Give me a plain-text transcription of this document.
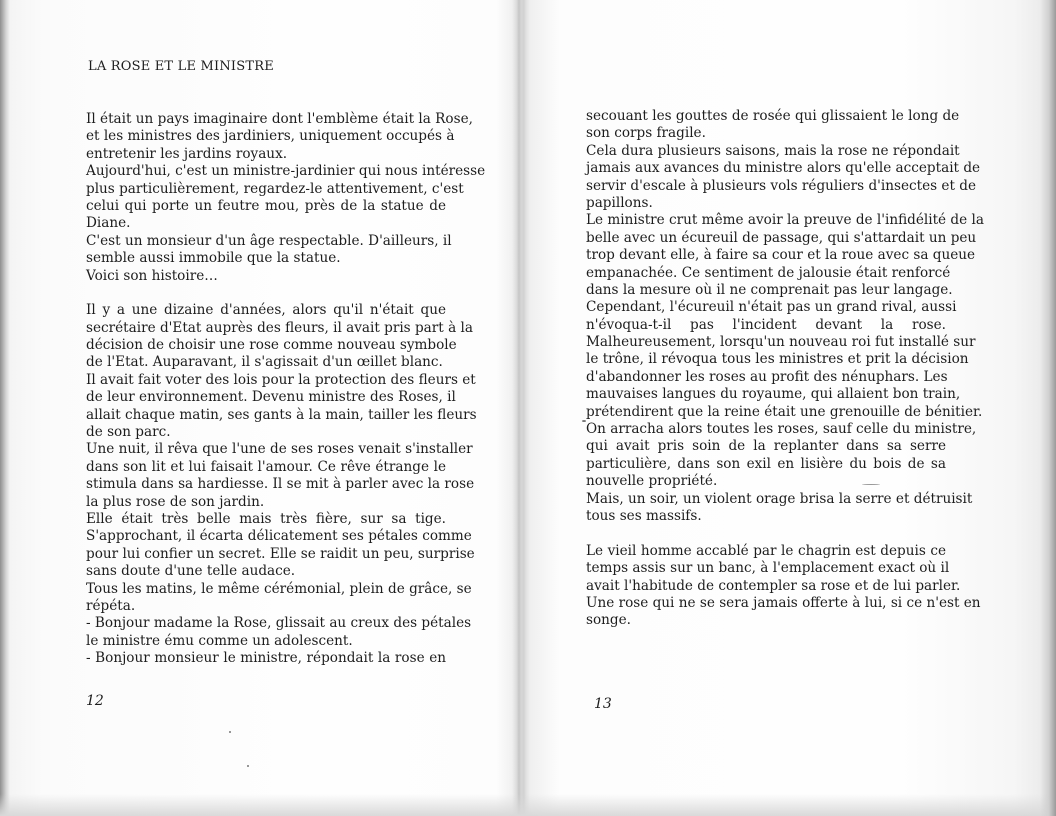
LA ROSE ET LE MINISTRE
Il était un pays imaginaire dont l'emblème était la Rose,
et les ministres des jardiniers, uniquement occupés à
entretenir les jardins royaux.
Aujourd'hui, c'est un ministre-jardinier qui nous intéresse
plus particulièrement, regardez-le attentivement, c'est
celui qui porte un feutre mou, près de la statue de
Diane.
C'est un monsieur d'un âge respectable. D'ailleurs, il
semble aussi immobile que la statue.
Voici son histoire…
Il y a une dizaine d'années, alors qu'il n'était que
secrétaire d'Etat auprès des fleurs, il avait pris part à la
décision de choisir une rose comme nouveau symbole
de l'Etat. Auparavant, il s'agissait d'un œillet blanc.
Il avait fait voter des lois pour la protection des fleurs et
de leur environnement. Devenu ministre des Roses, il
allait chaque matin, ses gants à la main, tailler les fleurs
de son parc.
Une nuit, il rêva que l'une de ses roses venait s'installer
dans son lit et lui faisait l'amour. Ce rêve étrange le
stimula dans sa hardiesse. Il se mit à parler avec la rose
la plus rose de son jardin.
Elle était très belle mais très fière, sur sa tige.
S'approchant, il écarta délicatement ses pétales comme
pour lui confier un secret. Elle se raidit un peu, surprise
sans doute d'une telle audace.
Tous les matins, le même cérémonial, plein de grâce, se
répéta.
- Bonjour madame la Rose, glissait au creux des pétales
le ministre ému comme un adolescent.
- Bonjour monsieur le ministre, répondait la rose en

12

secouant les gouttes de rosée qui glissaient le long de
son corps fragile.
Cela dura plusieurs saisons, mais la rose ne répondait
jamais aux avances du ministre alors qu'elle acceptait de
servir d'escale à plusieurs vols réguliers d'insectes et de
papillons.
Le ministre crut même avoir la preuve de l'infidélité de la
belle avec un écureuil de passage, qui s'attardait un peu
trop devant elle, à faire sa cour et la roue avec sa queue
empanachée. Ce sentiment de jalousie était renforcé
dans la mesure où il ne comprenait pas leur langage.
Cependant, l'écureuil n'était pas un grand rival, aussi
n'évoqua-t-il pas l'incident devant la rose.
Malheureusement, lorsqu'un nouveau roi fut installé sur
le trône, il révoqua tous les ministres et prit la décision
d'abandonner les roses au profit des nénuphars. Les
mauvaises langues du royaume, qui allaient bon train,
prétendirent que la reine était une grenouille de bénitier.
On arracha alors toutes les roses, sauf celle du ministre,
qui avait pris soin de la replanter dans sa serre
particulière, dans son exil en lisière du bois de sa
nouvelle propriété.
Mais, un soir, un violent orage brisa la serre et détruisit
tous ses massifs.
Le vieil homme accablé par le chagrin est depuis ce
temps assis sur un banc, à l'emplacement exact où il
avait l'habitude de contempler sa rose et de lui parler.
Une rose qui ne se sera jamais offerte à lui, si ce n'est en
songe.

13
